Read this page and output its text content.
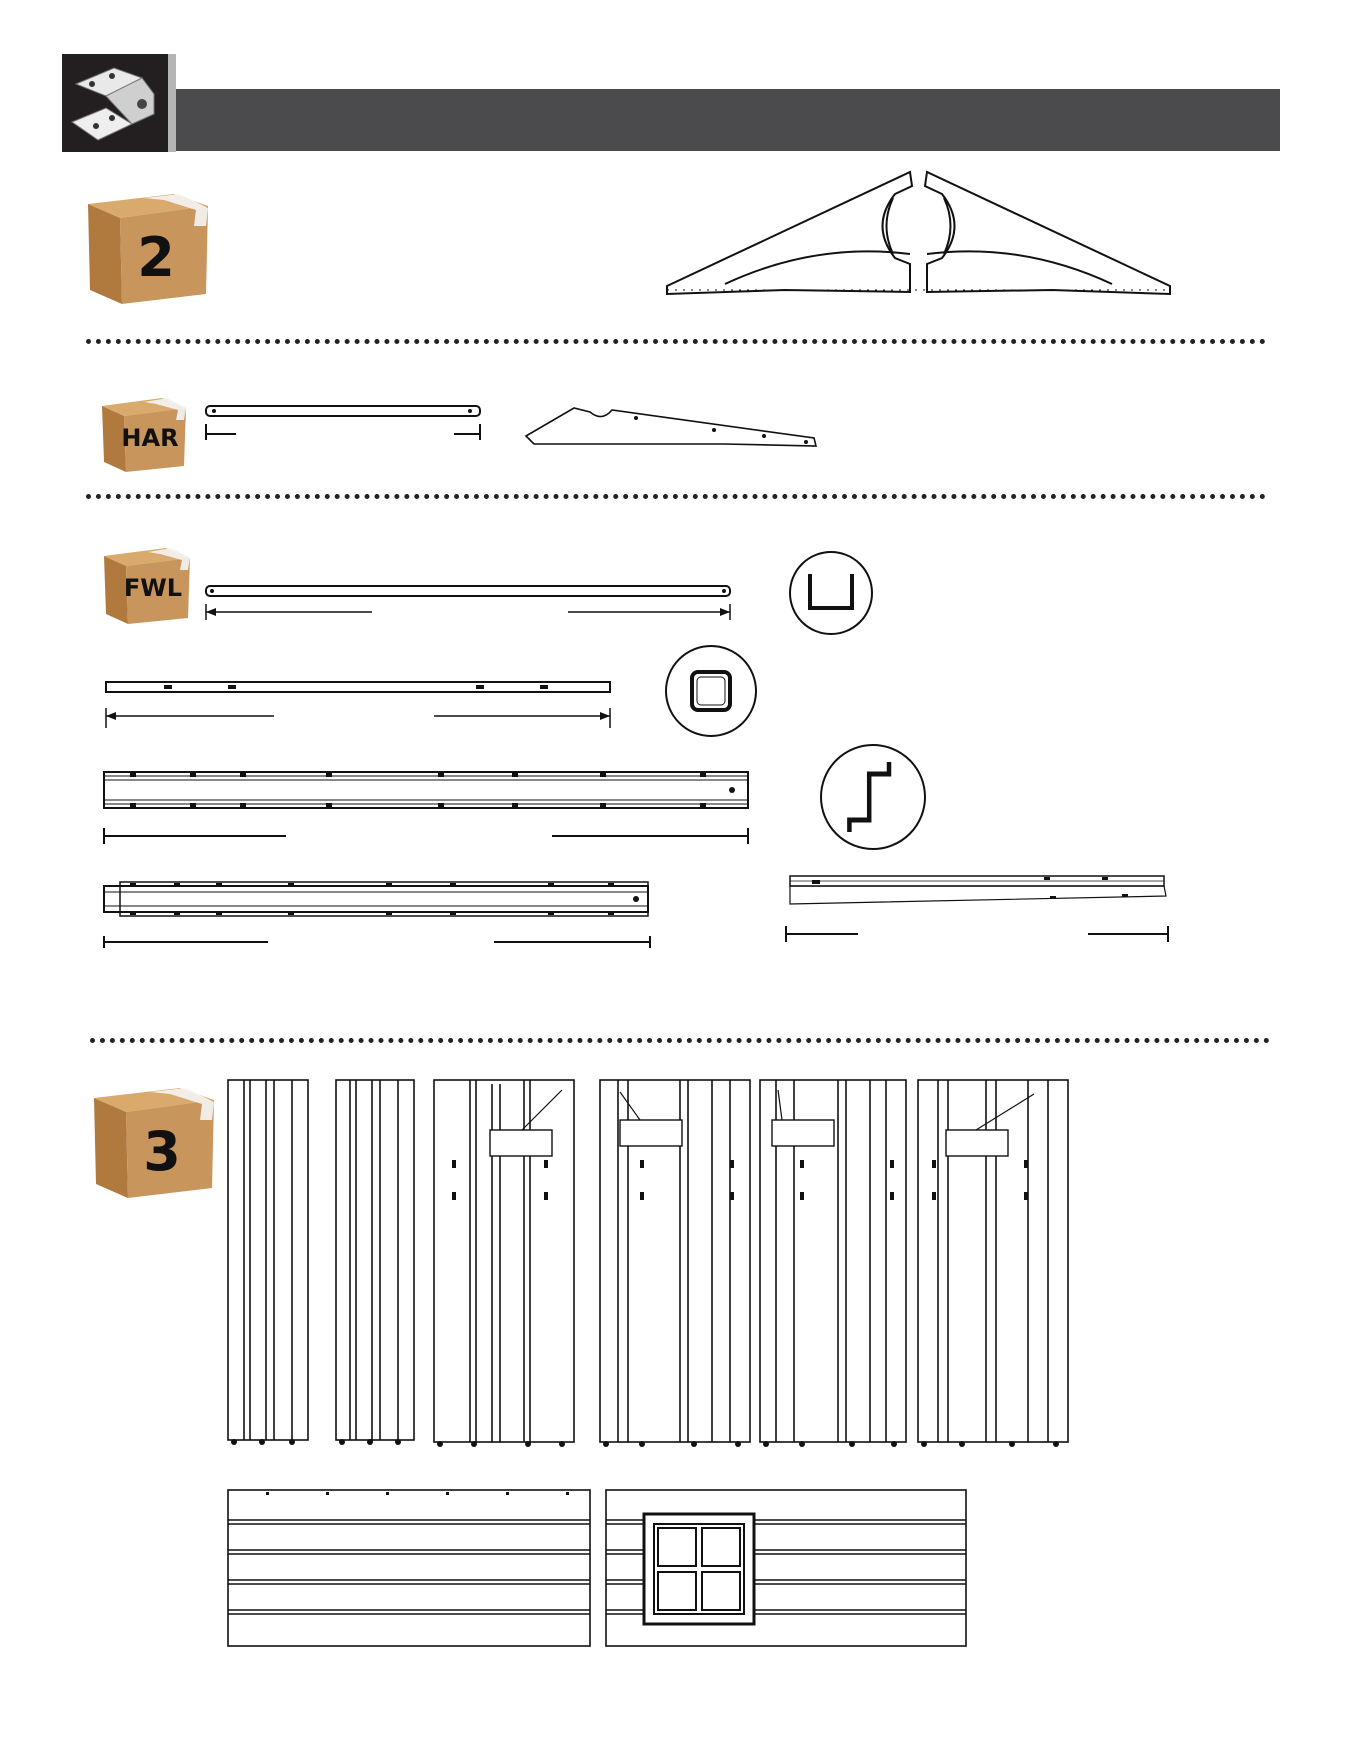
2
HAR
FWL
3
